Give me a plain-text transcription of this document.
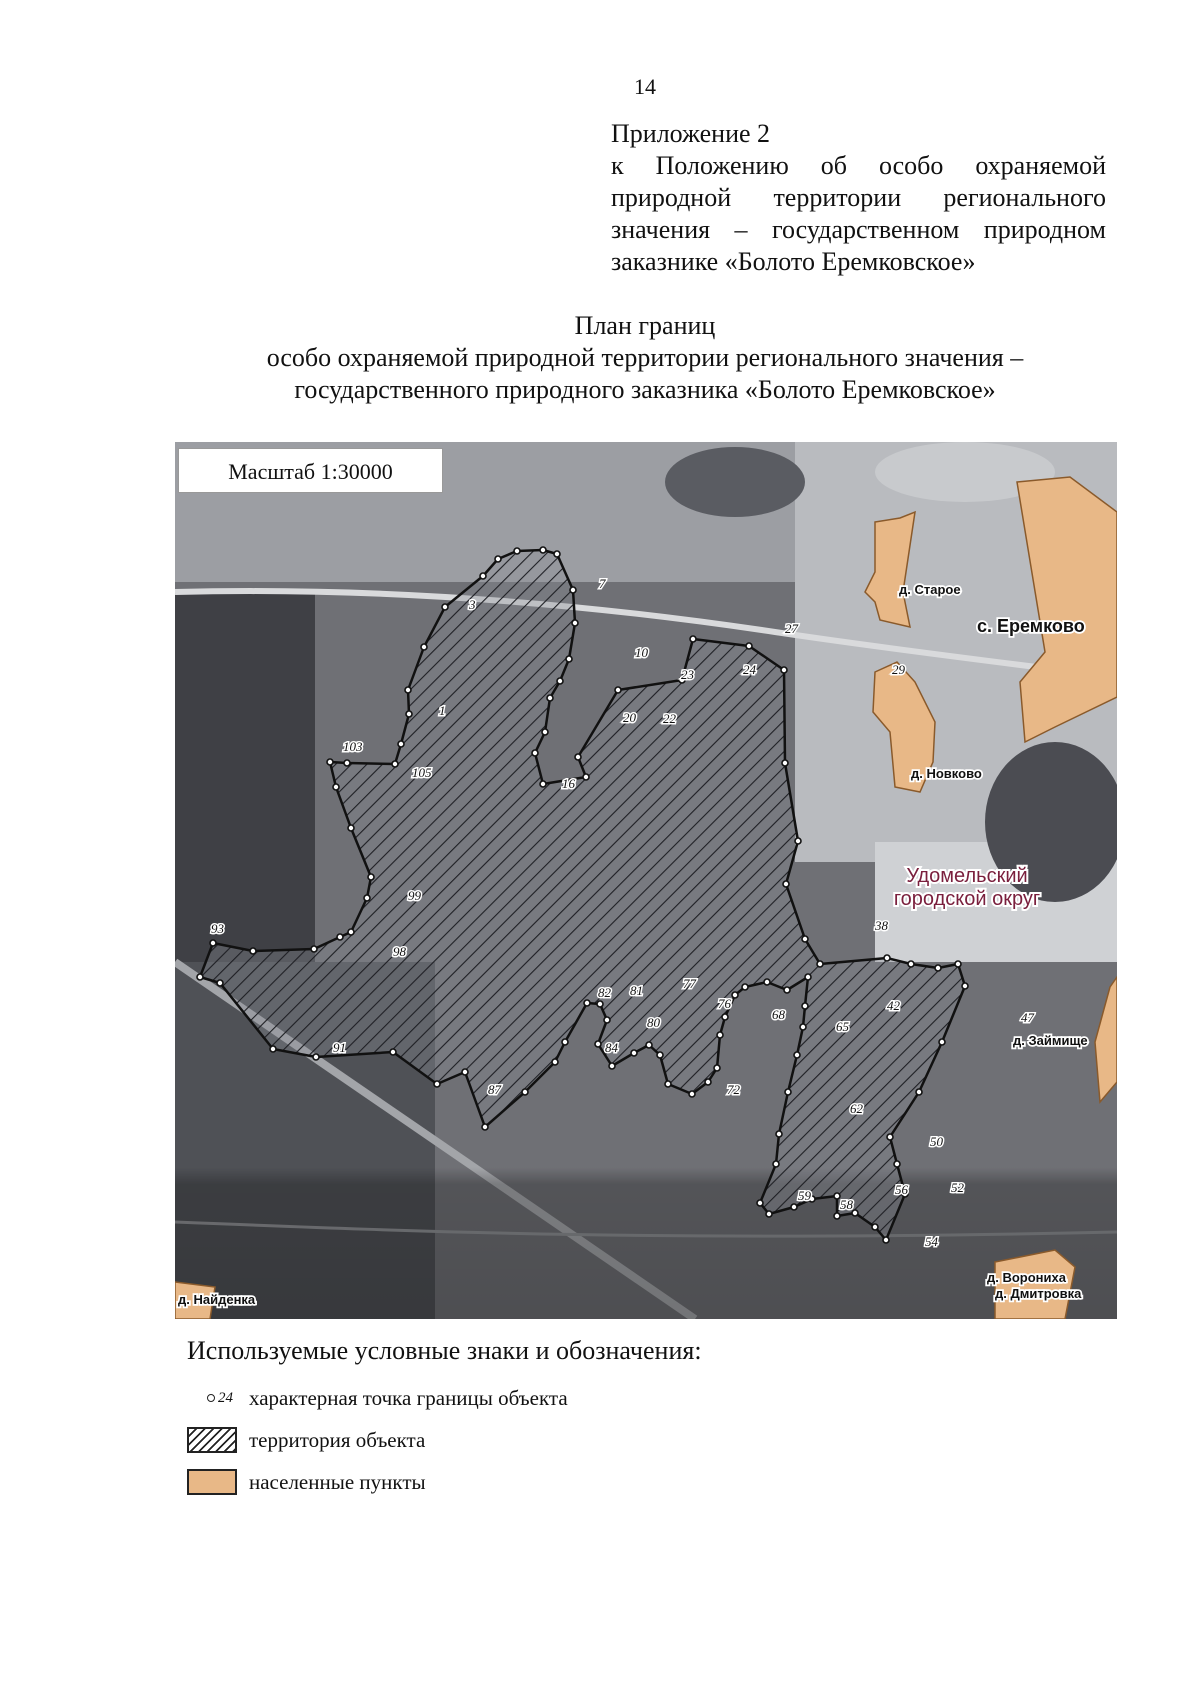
14
Приложение 2
к Положению об особо охраняемой природной территории регионального значения – государственном природном заказнике «Болото Еремковское»
План границ
особо охраняемой природной территории регионального значения –
государственного природного заказника «Болото Еремковское»
3
7
10
1
16
20 22
23	24
27
29
103
105
99
93
98
38
82 81
80
77
76
68
42
47
65
84
91
87	72
62
50
52
56
59
58
54
д. Старое
с. Еремково
д. Новково
д. Займище
д. Ворониха
д. Дмитровка
д. Найденка
Удомельский
городской округ
Масштаб 1:30000
Используемые условные знаки и обозначения:
24 характерная точка границы объекта
территория объекта
населенные пункты
